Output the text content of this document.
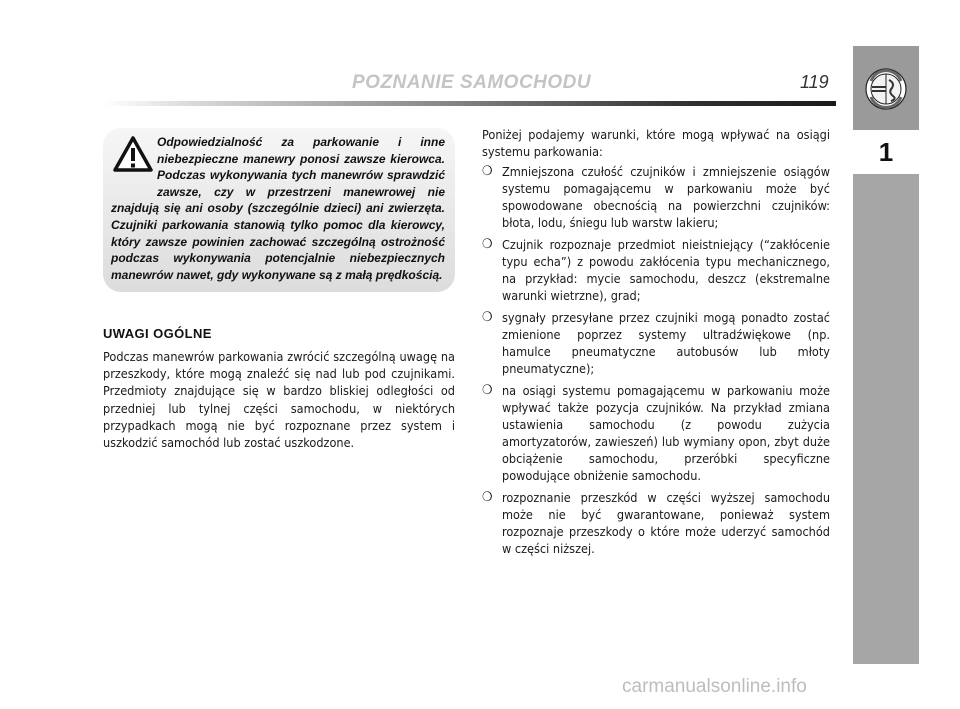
POZNANIE SAMOCHODU	119
1

Odpowiedzialność za parkowanie i inne niebezpieczne manewry ponosi zawsze kierowca. Podczas wykonywania tych manewrów sprawdzić zawsze, czy w przestrzeni manewrowej nie znajdują się ani osoby (szczególnie dzieci) ani zwierzęta. Czujniki parkowania stanowią tylko pomoc dla kierowcy, który zawsze powinien zachować szczególną ostrożność podczas wykonywania potencjalnie niebezpiecznych manewrów nawet, gdy wykonywane są z małą prędkością.

UWAGI OGÓLNE

Podczas manewrów parkowania zwrócić szczególną uwagę na przeszkody, które mogą znaleźć się nad lub pod czujnikami. Przedmioty znajdujące się w bardzo bliskiej odległości od przedniej lub tylnej części samochodu, w niektórych przypadkach mogą nie być rozpoznane przez system i uszkodzić samochód lub zostać uszkodzone.

Poniżej podajemy warunki, które mogą wpływać na osiągi systemu parkowania:

❍ Zmniejszona czułość czujników i zmniejszenie osiągów systemu pomagającemu w parkowaniu może być spowodowane obecnością na powierzchni czujników: błota, lodu, śniegu lub warstw lakieru;
❍ Czujnik rozpoznaje przedmiot nieistniejący (“zakłócenie typu echa”) z powodu zakłócenia typu mechanicznego, na przykład: mycie samochodu, deszcz (ekstremalne warunki wietrzne), grad;
❍ sygnały przesyłane przez czujniki mogą ponadto zostać zmienione poprzez systemy ultradźwiękowe (np. hamulce pneumatyczne autobusów lub młoty pneumatyczne);
❍ na osiągi systemu pomagającemu w parkowaniu może wpływać także pozycja czujników. Na przykład zmiana ustawienia samochodu (z powodu zużycia amortyzatorów, zawieszeń) lub wymiany opon, zbyt duże obciążenie samochodu, przeróbki specyficzne powodujące obniżenie samochodu.
❍ rozpoznanie przeszkód w części wyższej samochodu może nie być gwarantowane, ponieważ system rozpoznaje przeszkody o które może uderzyć samochód w części niższej.
carmanualsonline.info
